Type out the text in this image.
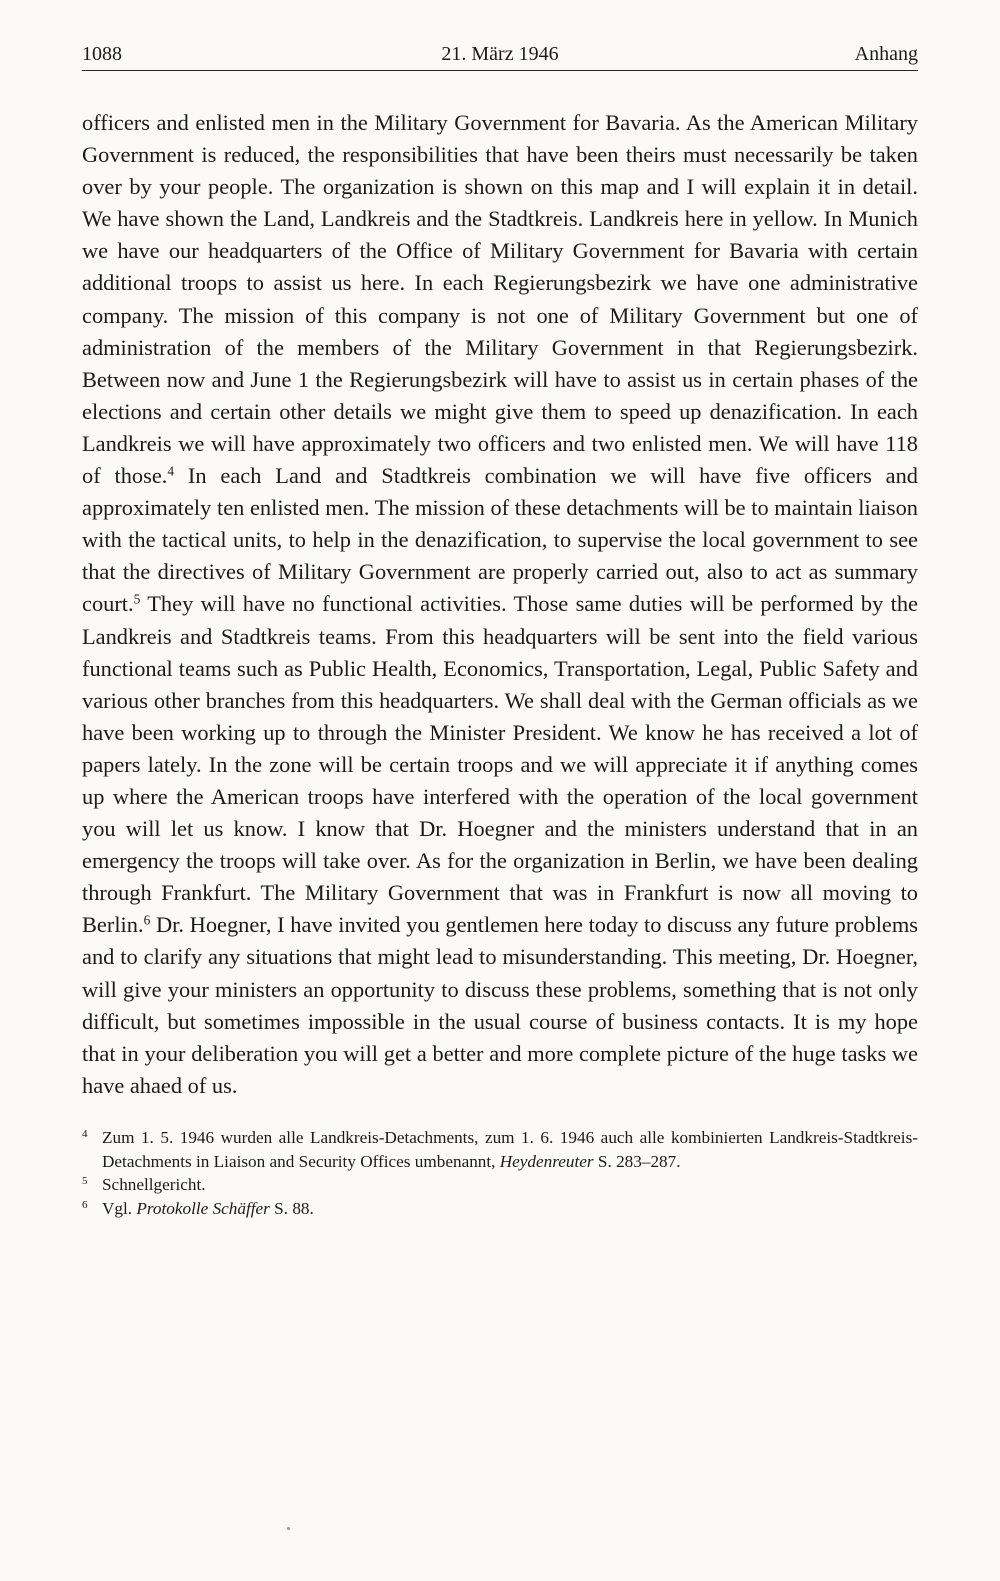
1088	21. März 1946	Anhang
officers and enlisted men in the Military Government for Bavaria. As the American Military Government is reduced, the responsibilities that have been theirs must necessarily be taken over by your people. The organization is shown on this map and I will explain it in detail. We have shown the Land, Landkreis and the Stadtkreis. Landkreis here in yellow. In Munich we have our headquarters of the Office of Military Government for Bavaria with certain additional troops to assist us here. In each Regierungsbezirk we have one administrative company. The mission of this company is not one of Military Government but one of administration of the members of the Military Government in that Regierungsbezirk. Between now and June 1 the Regierungsbezirk will have to assist us in certain phases of the elections and certain other details we might give them to speed up denazification. In each Landkreis we will have approximately two officers and two enlisted men. We will have 118 of those.$^4$ In each Land and Stadtkreis combination we will have five officers and approximately ten enlisted men. The mission of these detachments will be to maintain liaison with the tactical units, to help in the denazification, to supervise the local government to see that the directives of Military Government are properly carried out, also to act as summary court.$^5$ They will have no functional activities. Those same duties will be performed by the Landkreis and Stadtkreis teams. From this headquarters will be sent into the field various functional teams such as Public Health, Economics, Transportation, Legal, Public Safety and various other branches from this headquarters. We shall deal with the German officials as we have been working up to through the Minister President. We know he has received a lot of papers lately. In the zone will be certain troops and we will appreciate it if anything comes up where the American troops have interfered with the operation of the local government you will let us know. I know that Dr. Hoegner and the ministers understand that in an emergency the troops will take over. As for the organization in Berlin, we have been dealing through Frankfurt. The Military Government that was in Frankfurt is now all moving to Berlin.$^6$ Dr. Hoegner, I have invited you gentlemen here today to discuss any future problems and to clarify any situations that might lead to misunderstanding. This meeting, Dr. Hoegner, will give your ministers an opportunity to discuss these problems, something that is not only difficult, but sometimes impossible in the usual course of business contacts. It is my hope that in your deliberation you will get a better and more complete picture of the huge tasks we have ahaed of us.
4 Zum 1. 5. 1946 wurden alle Landkreis-Detachments, zum 1. 6. 1946 auch alle kombinierten Landkreis-Stadtkreis-Detachments in Liaison and Security Offices umbenannt, Heydenreuter S. 283–287.
5 Schnellgericht.
6 Vgl. Protokolle Schäffer S. 88.
